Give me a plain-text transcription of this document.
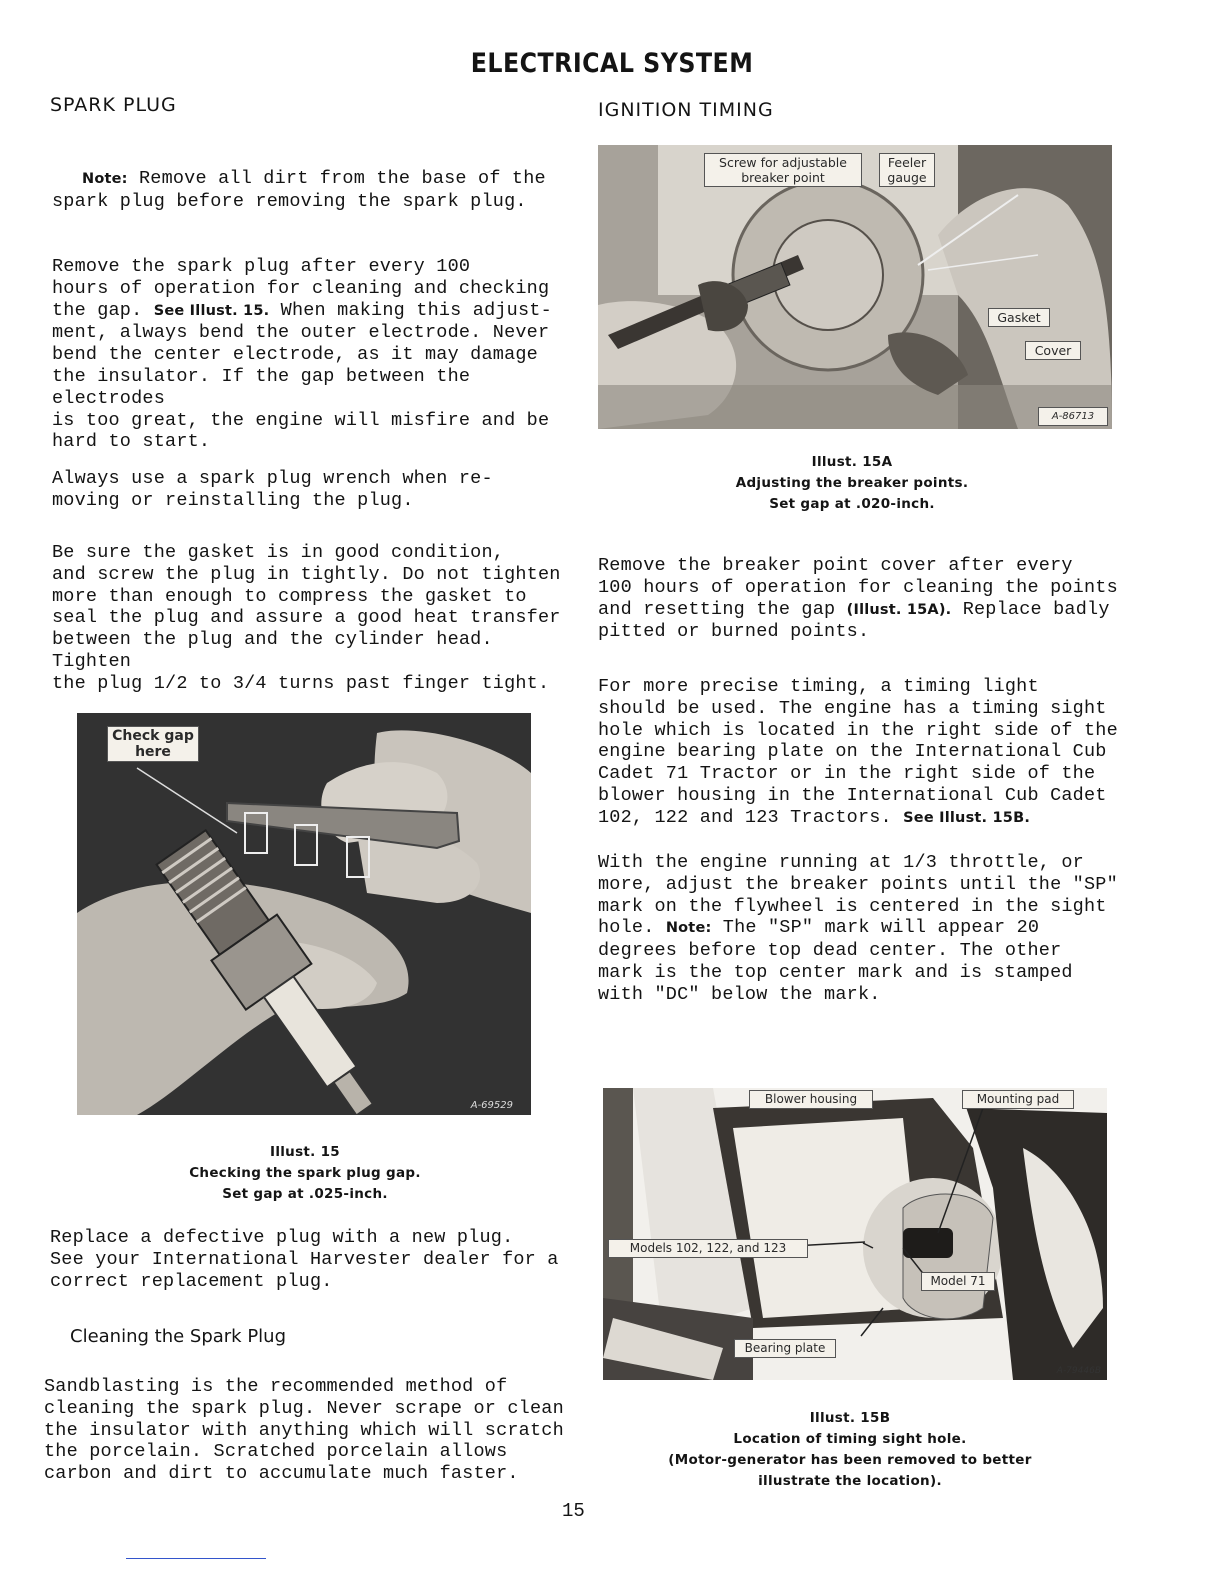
ELECTRICAL SYSTEM
SPARK PLUG
Note: Remove all dirt from the base of the
spark plug before removing the spark plug.
Remove the spark plug after every 100
hours of operation for cleaning and checking
the gap. See Illust. 15. When making this adjust-
ment, always bend the outer electrode. Never
bend the center electrode, as it may damage
the insulator. If the gap between the electrodes
is too great, the engine will misfire and be
hard to start.
Always use a spark plug wrench when re-
moving or reinstalling the plug.
Be sure the gasket is in good condition,
and screw the plug in tightly. Do not tighten
more than enough to compress the gasket to
seal the plug and assure a good heat transfer
between the plug and the cylinder head. Tighten
the plug 1/2 to 3/4 turns past finger tight.
Check gap
here
A-69529
Illust. 15
Checking the spark plug gap.
Set gap at .025-inch.
Replace a defective plug with a new plug.
See your International Harvester dealer for a
correct replacement plug.
Cleaning the Spark Plug
Sandblasting is the recommended method of
cleaning the spark plug. Never scrape or clean
the insulator with anything which will scratch
the porcelain. Scratched porcelain allows
carbon and dirt to accumulate much faster.
IGNITION TIMING
Screw for adjustable
breaker point
Feeler
gauge
Gasket
Cover
A-86713
Illust. 15A
Adjusting the breaker points.
Set gap at .020-inch.
Remove the breaker point cover after every
100 hours of operation for cleaning the points
and resetting the gap (Illust. 15A). Replace badly
pitted or burned points.
For more precise timing, a timing light
should be used. The engine has a timing sight
hole which is located in the right side of the
engine bearing plate on the International Cub
Cadet 71 Tractor or in the right side of the
blower housing in the International Cub Cadet
102, 122 and 123 Tractors. See Illust. 15B.
With the engine running at 1/3 throttle, or
more, adjust the breaker points until the "SP"
mark on the flywheel is centered in the sight
hole. Note: The "SP" mark will appear 20
degrees before top dead center. The other
mark is the top center mark and is stamped
with "DC" below the mark.
Blower housing	Mounting pad
Models 102, 122, and 123
Model 71
Bearing plate
A-79446B
Illust. 15B
Location of timing sight hole.
(Motor-generator has been removed to better
illustrate the location).
15
